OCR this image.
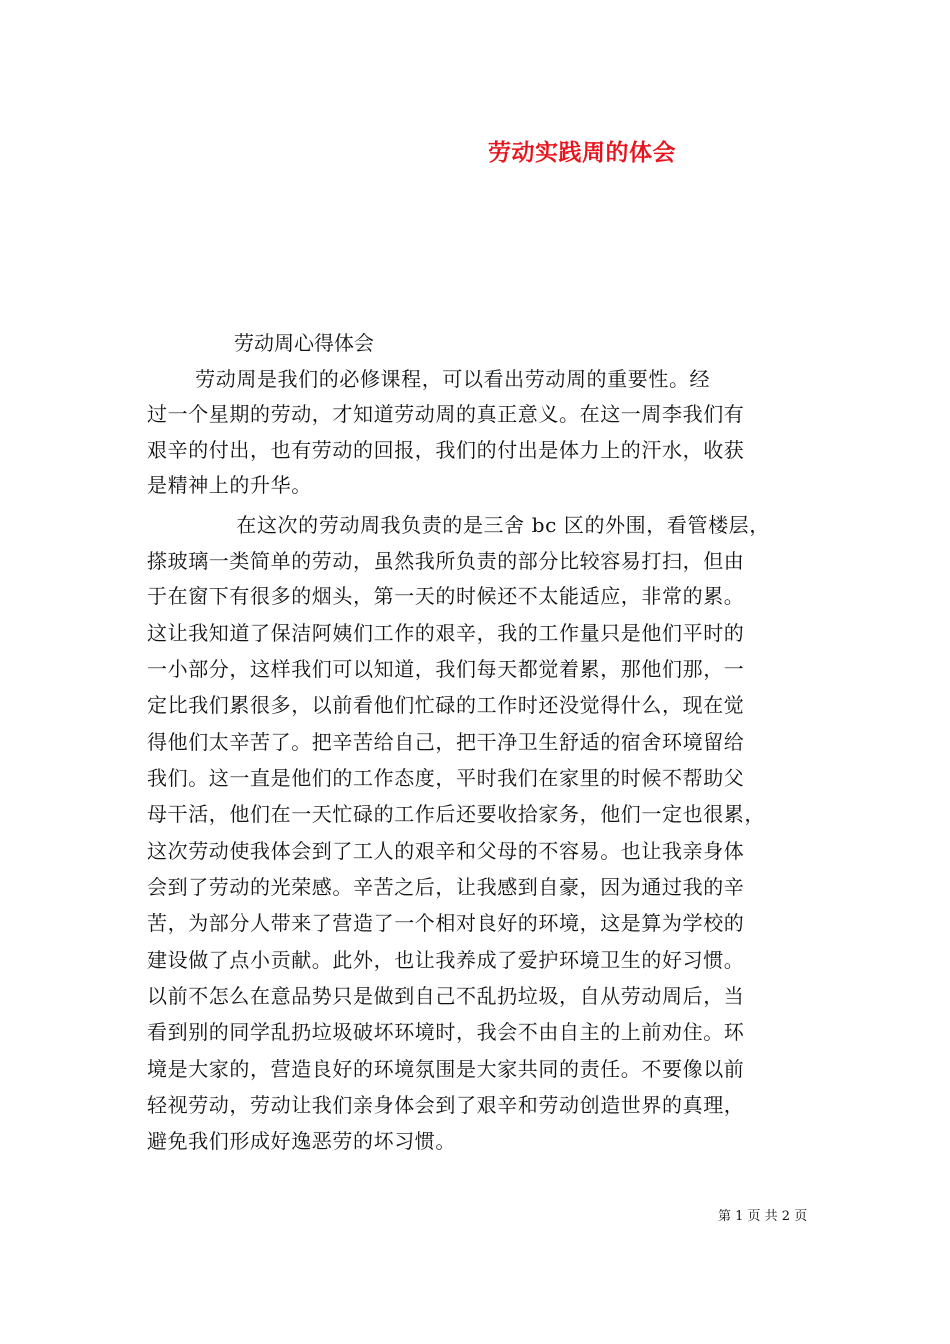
劳动实践周的体会
劳动周心得体会
　　 劳动周是我们的必修课程，可以看出劳动周的重要性。经
过一个星期的劳动，才知道劳动周的真正意义。在这一周李我们有
艰辛的付出，也有劳动的回报，我们的付出是体力上的汗水，收获
是精神上的升华。
　　　　 在这次的劳动周我负责的是三舍 bc 区的外围，看管楼层，
搽玻璃一类简单的劳动，虽然我所负责的部分比较容易打扫，但由
于在窗下有很多的烟头，第一天的时候还不太能适应，非常的累。
这让我知道了保洁阿姨们工作的艰辛，我的工作量只是他们平时的
一小部分，这样我们可以知道，我们每天都觉着累，那他们那，一
定比我们累很多，以前看他们忙碌的工作时还没觉得什么，现在觉
得他们太辛苦了。把辛苦给自己，把干净卫生舒适的宿舍环境留给
我们。这一直是他们的工作态度，平时我们在家里的时候不帮助父
母干活，他们在一天忙碌的工作后还要收拾家务，他们一定也很累，
这次劳动使我体会到了工人的艰辛和父母的不容易。也让我亲身体
会到了劳动的光荣感。辛苦之后，让我感到自豪，因为通过我的辛
苦，为部分人带来了营造了一个相对良好的环境，这是算为学校的
建设做了点小贡献。此外，也让我养成了爱护环境卫生的好习惯。
以前不怎么在意品势只是做到自己不乱扔垃圾，自从劳动周后，当
看到别的同学乱扔垃圾破坏环境时，我会不由自主的上前劝住。环
境是大家的，营造良好的环境氛围是大家共同的责任。不要像以前
轻视劳动，劳动让我们亲身体会到了艰辛和劳动创造世界的真理，
避免我们形成好逸恶劳的坏习惯。
第 1 页 共 2 页
